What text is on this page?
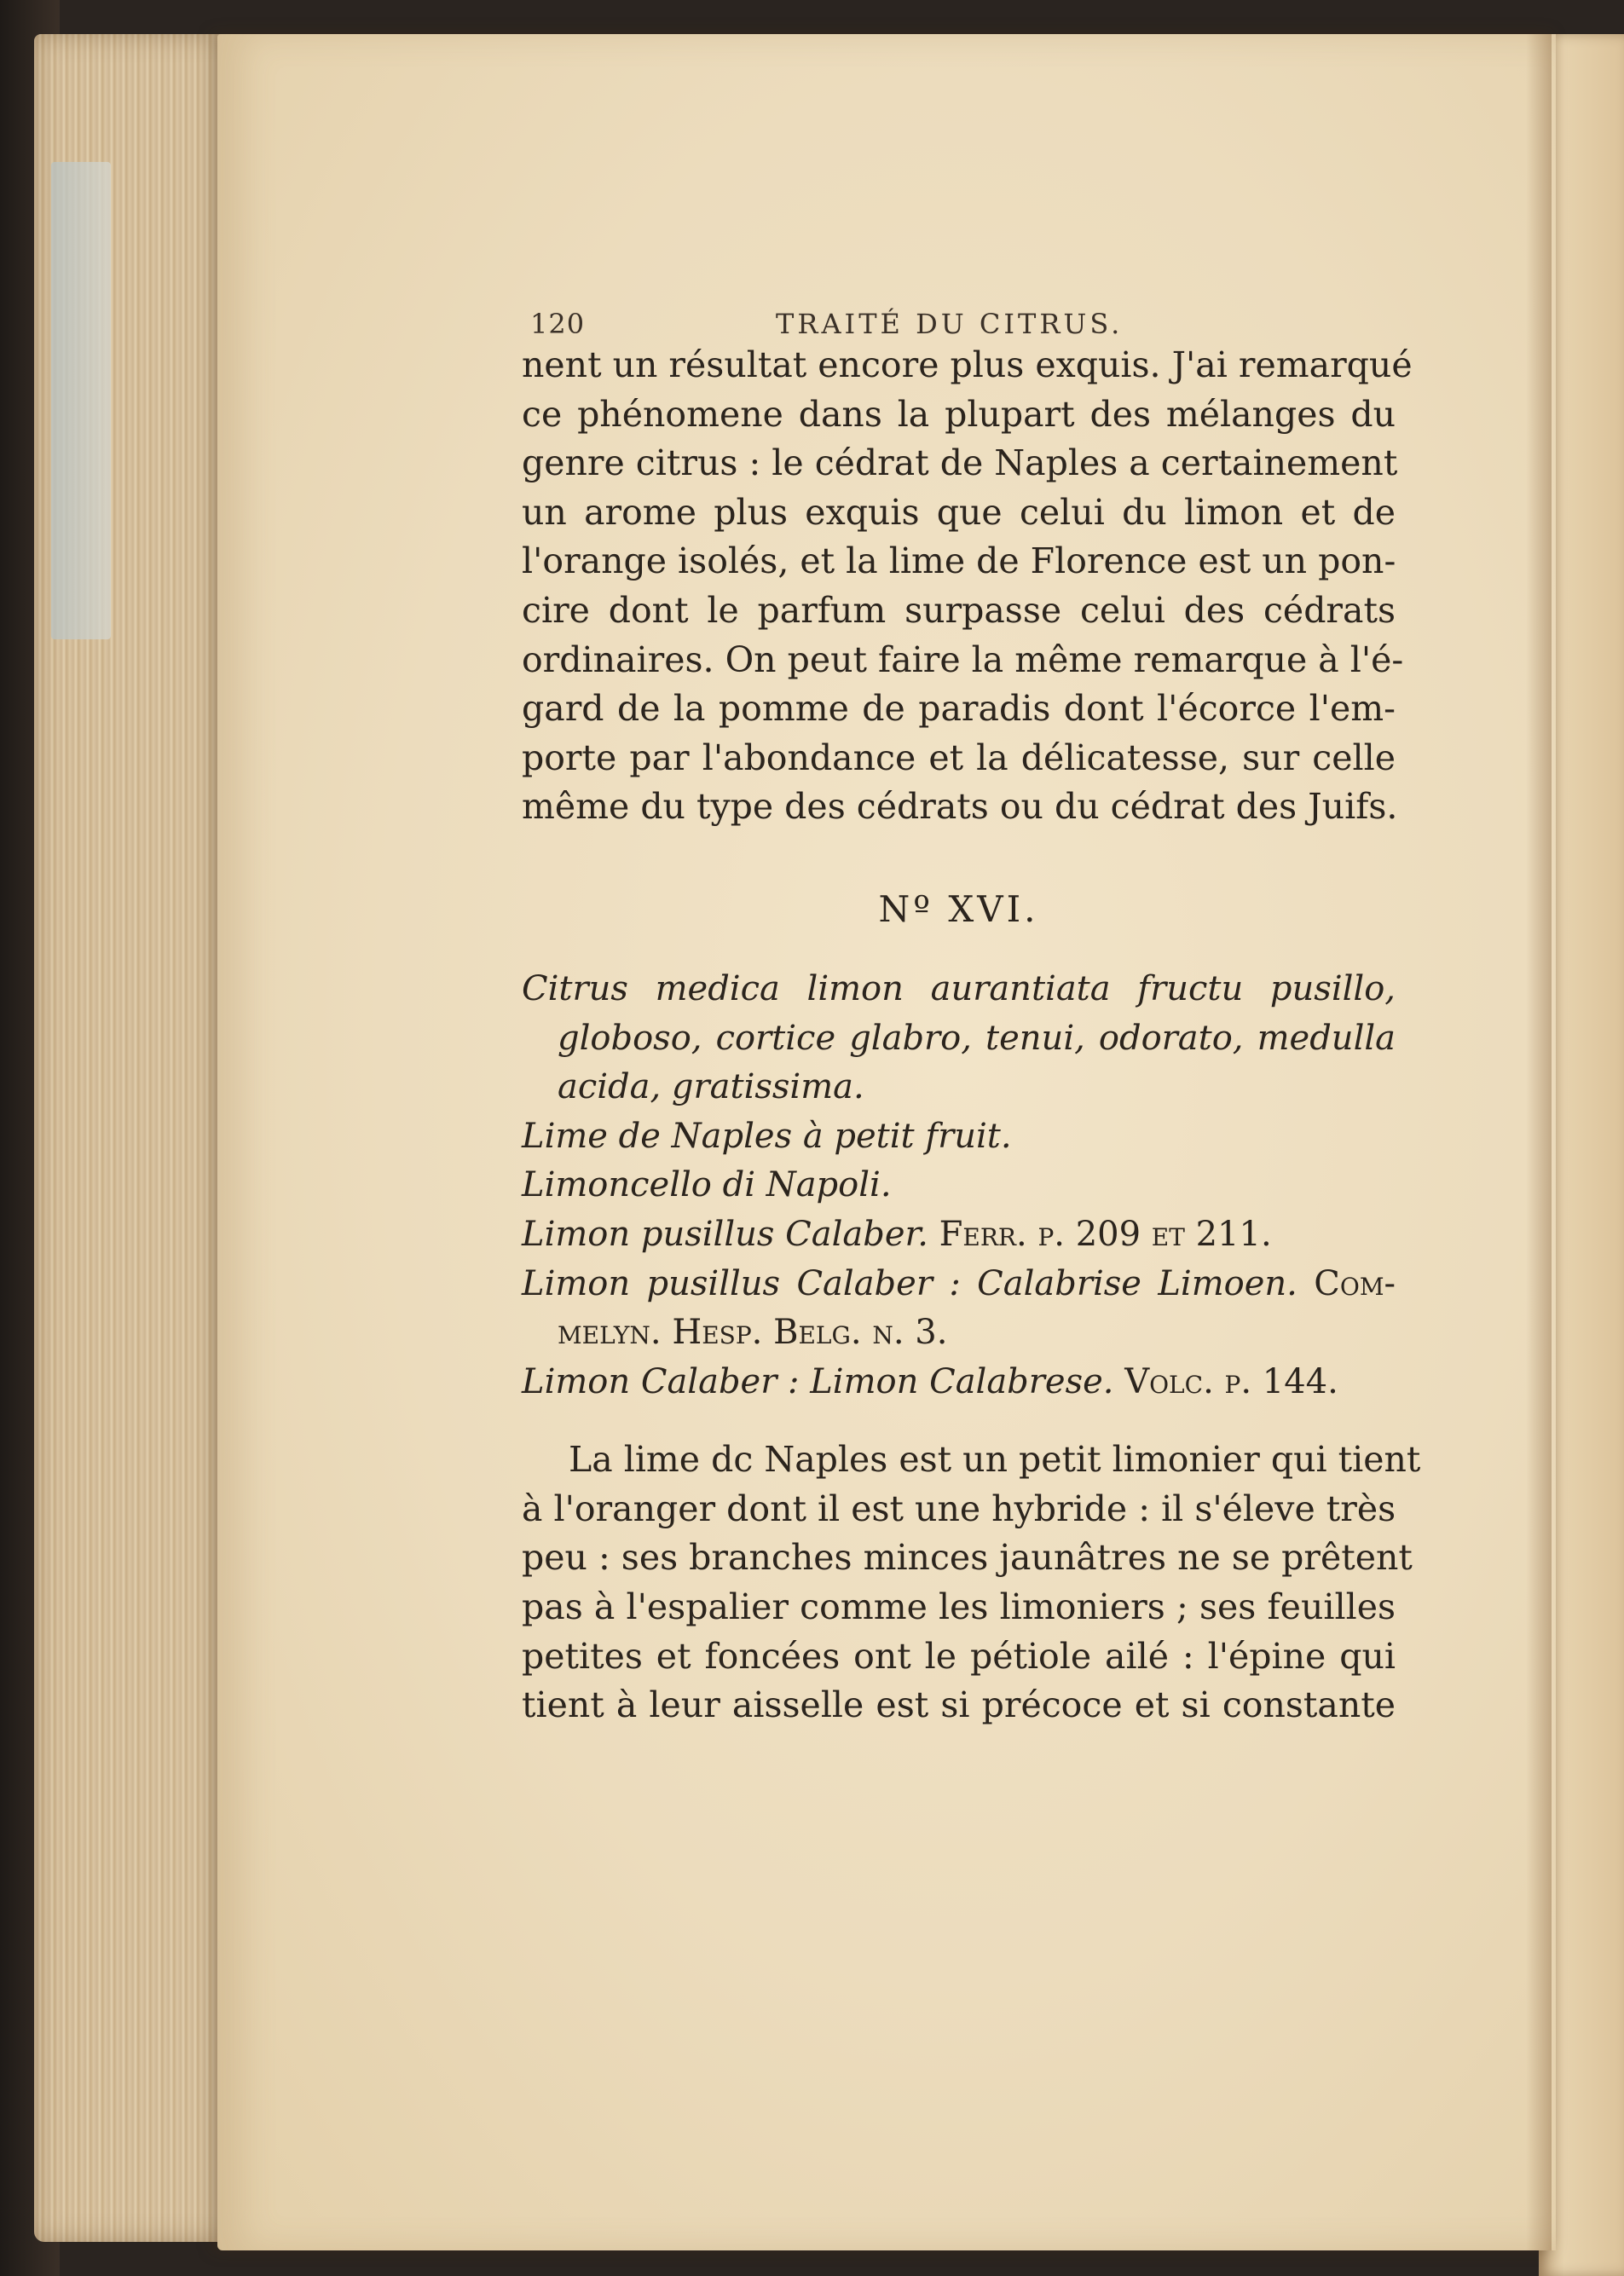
120	TRAITÉ DU CITRUS.
nent un résultat encore plus exquis. J'ai remarqué
ce phénomene dans la plupart des mélanges du
genre citrus : le cédrat de Naples a certainement
un arome plus exquis que celui du limon et de
l'orange isolés, et la lime de Florence est un pon-
cire dont le parfum surpasse celui des cédrats
ordinaires. On peut faire la même remarque à l'é-
gard de la pomme de paradis dont l'écorce l'em-
porte par l'abondance et la délicatesse, sur celle
même du type des cédrats ou du cédrat des Juifs.
Nº XVI.
Citrus medica limon aurantiata fructu pusillo,
globoso, cortice glabro, tenui, odorato, medulla
acida, gratissima.
Lime de Naples à petit fruit.
Limoncello di Napoli.
Limon pusillus Calaber. Ferr. p. 209 et 211.
Limon pusillus Calaber : Calabrise Limoen. Com-
melyn. Hesp. Belg. n. 3.
Limon Calaber : Limon Calabrese. Volc. p. 144.
La lime dc Naples est un petit limonier qui tient
à l'oranger dont il est une hybride : il s'éleve très
peu : ses branches minces jaunâtres ne se prêtent
pas à l'espalier comme les limoniers ; ses feuilles
petites et foncées ont le pétiole ailé : l'épine qui
tient à leur aisselle est si précoce et si constante
